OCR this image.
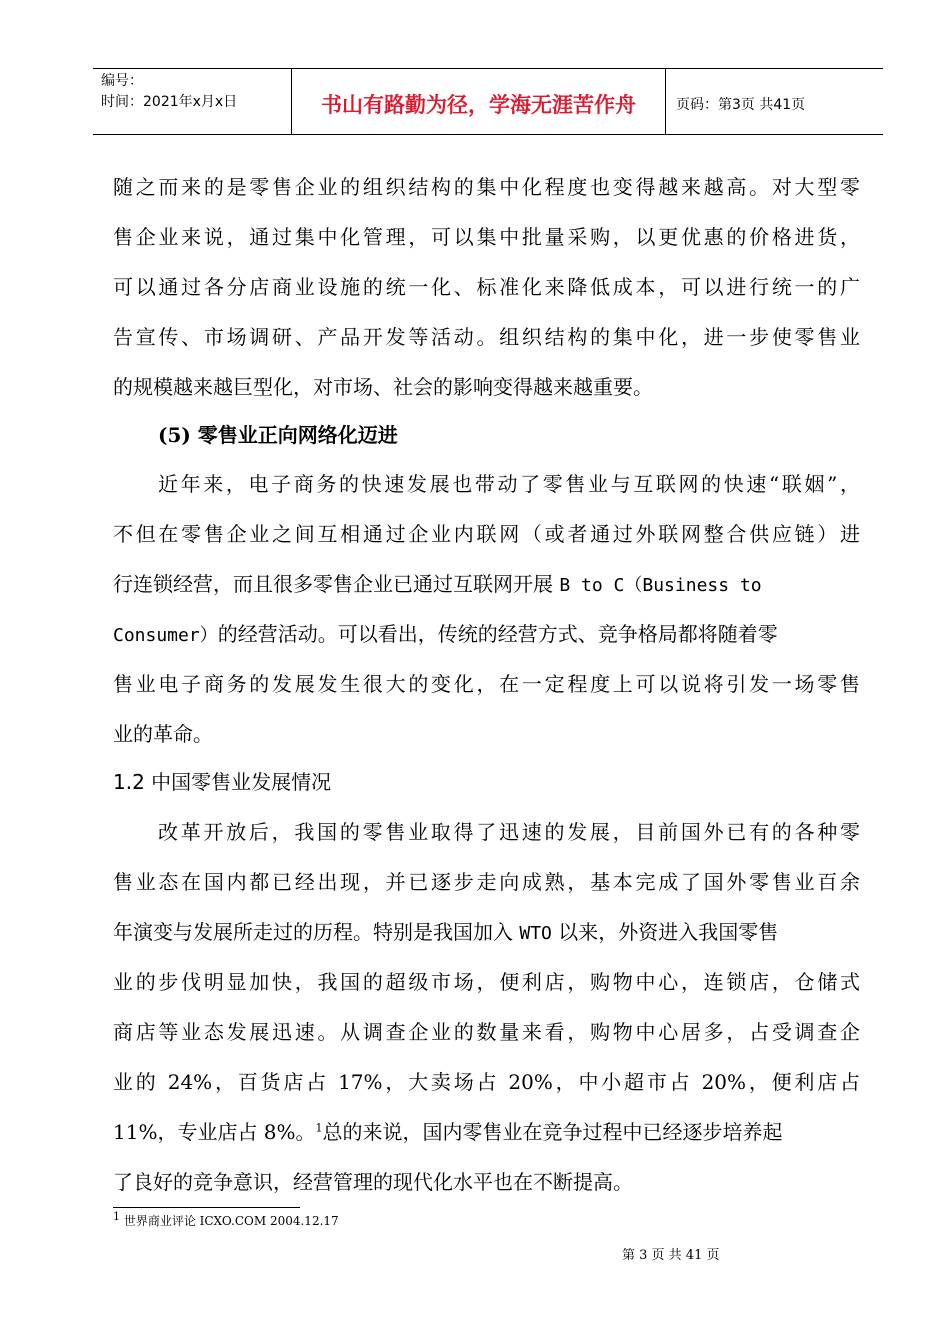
编号：
时间：2021年x月x日	书山有路勤为径，学海无涯苦作舟	页码：第3页 共41页
随之而来的是零售企业的组织结构的集中化程度也变得越来越高。对大型零
售企业来说，通过集中化管理，可以集中批量采购，以更优惠的价格进货，
可以通过各分店商业设施的统一化、标准化来降低成本，可以进行统一的广
告宣传、市场调研、产品开发等活动。组织结构的集中化，进一步使零售业
的规模越来越巨型化，对市场、社会的影响变得越来越重要。
(5) 零售业正向网络化迈进
近年来，电子商务的快速发展也带动了零售业与互联网的快速“联姻”，
不但在零售企业之间互相通过企业内联网（或者通过外联网整合供应链）进
行连锁经营，而且很多零售企业已通过互联网开展 B to C（Business to
Consumer）的经营活动。可以看出，传统的经营方式、竞争格局都将随着零
售业电子商务的发展发生很大的变化，在一定程度上可以说将引发一场零售
业的革命。
1.2 中国零售业发展情况
改革开放后，我国的零售业取得了迅速的发展，目前国外已有的各种零
售业态在国内都已经出现，并已逐步走向成熟，基本完成了国外零售业百余
年演变与发展所走过的历程。特别是我国加入 WTO 以来，外资进入我国零售
业的步伐明显加快，我国的超级市场，便利店，购物中心，连锁店，仓储式
商店等业态发展迅速。从调查企业的数量来看，购物中心居多，占受调查企
业的 24%，百货店占 17%，大卖场占 20%，中小超市占 20%，便利店占
11%，专业店占 8%。$^1$总的来说，国内零售业在竞争过程中已经逐步培养起
了良好的竞争意识，经营管理的现代化水平也在不断提高。
$^1$ 世界商业评论 ICXO.COM 2004.12.17
第 3 页 共 41 页
